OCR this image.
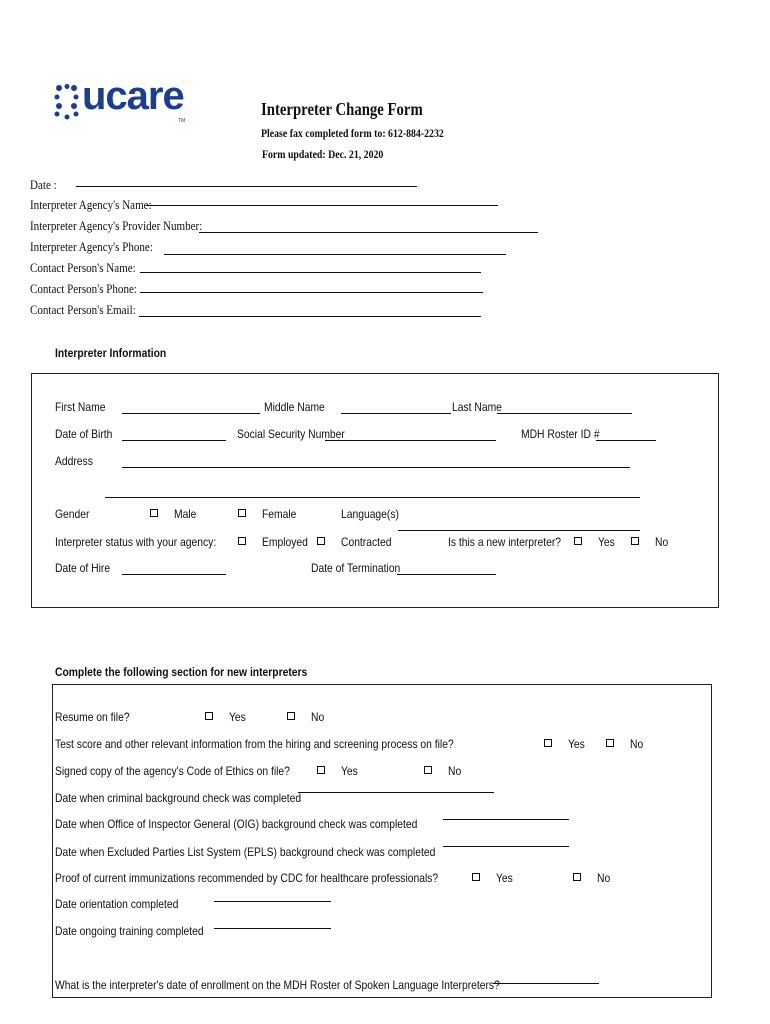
ucare
TM
Interpreter Change Form
Please fax completed form to: 612-884-2232
Form updated: Dec. 21, 2020
Date :
Interpreter Agency's Name:
Interpreter Agency's Provider Number:
Interpreter Agency's Phone:
Contact Person's Name:
Contact Person's Phone:
Contact Person's Email:
Interpreter Information
First Name	Middle Name	Last Name
Date of Birth	Social Security Number	MDH Roster ID #
Address
Gender	Male	Female	Language(s)
Interpreter status with your agency:	Employed	Contracted	Is this a new interpreter?	Yes	No
Date of Hire	Date of Termination
Complete the following section for new interpreters
Resume on file?	Yes	No
Test score and other relevant information from the hiring and screening process on file?	Yes	No
Signed copy of the agency's Code of Ethics on file?	Yes	No
Date when criminal background check was completed
Date when Office of Inspector General (OIG) background check was completed
Date when Excluded Parties List System (EPLS) background check was completed
Proof of current immunizations recommended by CDC for healthcare professionals?	Yes	No
Date orientation completed
Date ongoing training completed
What is the interpreter's date of enrollment on the MDH Roster of Spoken Language Interpreters?
